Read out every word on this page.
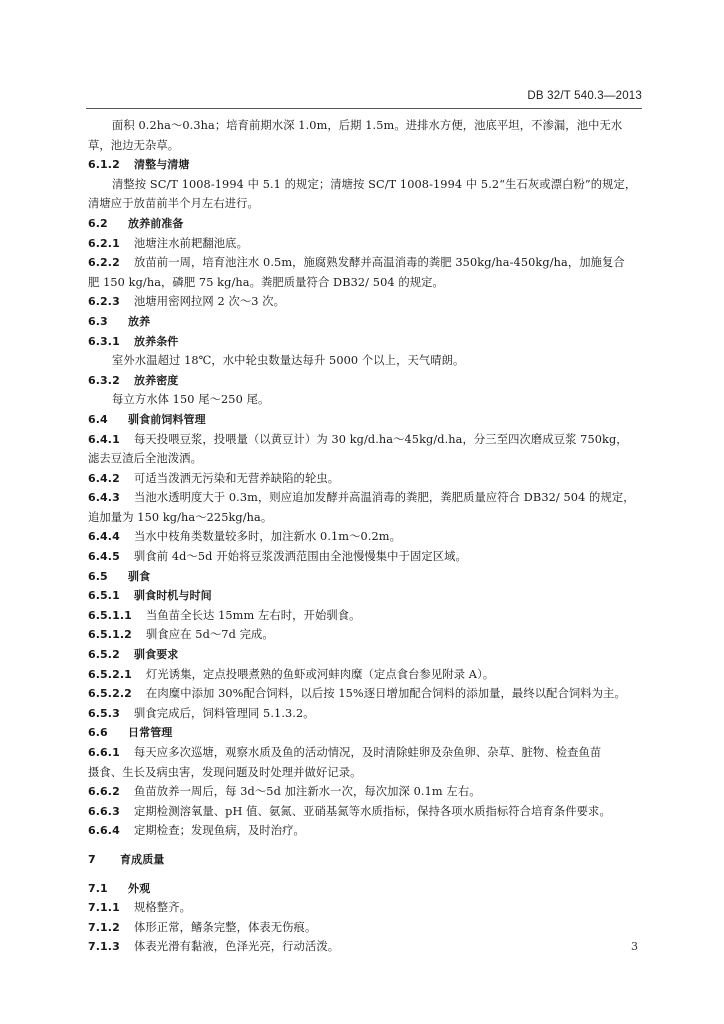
DB 32/T 540.3—2013
面积 0.2ha～0.3ha；培育前期水深 1.0m，后期 1.5m。进排水方便，池底平坦，不渗漏，池中无水
草，池边无杂草。
6.1.2 清整与清塘
清整按 SC/T 1008-1994 中 5.1 的规定；清塘按 SC/T 1008-1994 中 5.2“生石灰或漂白粉”的规定，
清塘应于放苗前半个月左右进行。
6.2 放养前准备
6.2.1 池塘注水前耙翻池底。
6.2.2 放苗前一周，培育池注水 0.5m，施腐熟发酵并高温消毒的粪肥 350kg/ha-450kg/ha，加施复合
肥 150 kg/ha，磷肥 75 kg/ha。粪肥质量符合 DB32/ 504 的规定。
6.2.3 池塘用密网拉网 2 次～3 次。
6.3 放养
6.3.1 放养条件
室外水温超过 18℃，水中轮虫数量达每升 5000 个以上，天气晴朗。
6.3.2 放养密度
每立方水体 150 尾～250 尾。
6.4 驯食前饲料管理
6.4.1 每天投喂豆浆，投喂量（以黄豆计）为 30 kg/d.ha～45kg/d.ha，分三至四次磨成豆浆 750kg，
滤去豆渣后全池泼洒。
6.4.2 可适当泼洒无污染和无营养缺陷的轮虫。
6.4.3 当池水透明度大于 0.3m，则应追加发酵并高温消毒的粪肥，粪肥质量应符合 DB32/ 504 的规定，
追加量为 150 kg/ha～225kg/ha。
6.4.4 当水中枝角类数量较多时，加注新水 0.1m～0.2m。
6.4.5 驯食前 4d～5d 开始将豆浆泼洒范围由全池慢慢集中于固定区域。
6.5 驯食
6.5.1 驯食时机与时间
6.5.1.1 当鱼苗全长达 15mm 左右时，开始驯食。
6.5.1.2 驯食应在 5d～7d 完成。
6.5.2 驯食要求
6.5.2.1 灯光诱集，定点投喂煮熟的鱼虾或河蚌肉糜（定点食台参见附录 A）。
6.5.2.2 在肉糜中添加 30%配合饲料，以后按 15%逐日增加配合饲料的添加量，最终以配合饲料为主。
6.5.3 驯食完成后，饲料管理同 5.1.3.2。
6.6 日常管理
6.6.1 每天应多次巡塘，观察水质及鱼的活动情况，及时清除蛙卵及杂鱼卵、杂草、脏物、检查鱼苗
摄食、生长及病虫害，发现问题及时处理并做好记录。
6.6.2 鱼苗放养一周后，每 3d～5d 加注新水一次，每次加深 0.1m 左右。
6.6.3 定期检测溶氧量、pH 值、氨氮、亚硝基氮等水质指标，保持各项水质指标符合培育条件要求。
6.6.4 定期检查；发现鱼病，及时治疗。
7 育成质量
7.1 外观
7.1.1 规格整齐。
7.1.2 体形正常，鳍条完整，体表无伤痕。
7.1.3 体表光滑有黏液，色泽光亮，行动活泼。	3
